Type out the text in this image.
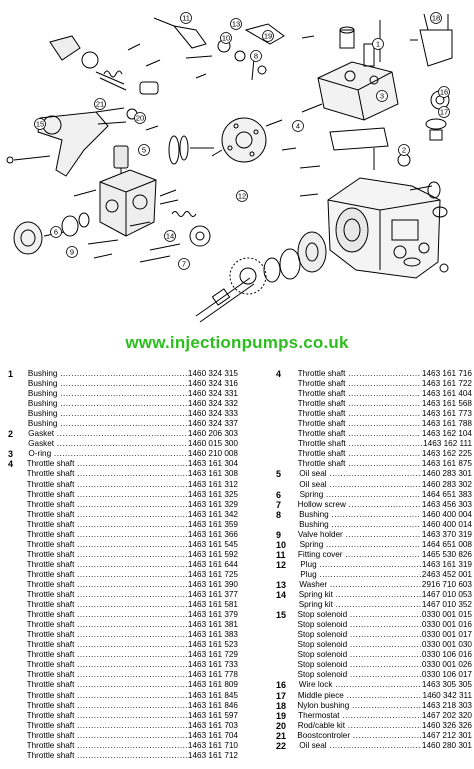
1
2
3
4
5
6
7
8
9
10
11
12
13
14
15
16
17
18
19
20
21
www.injectionpumps.co.uk
1	Bushing .....	1460 324 315
Bushing .....	1460 324 316
Bushing .....	1460 324 331
Bushing .....	1460 324 332
Bushing .....	1460 324 333
Bushing .....	1460 324 337
2	Gasket .....	1460 206 303
Gasket .....	1460 015 300
3	O-ring .....	1460 210 008
4	Throttle shaft .....	1463 161 304
Throttle shaft .....	1463 161 308
Throttle shaft .....	1463 161 312
Throttle shaft .....	1463 161 325
Throttle shaft .....	1463 161 329
Throttle shaft .....	1463 161 342
Throttle shaft .....	1463 161 359
Throttle shaft .....	1463 161 366
Throttle shaft .....	1463 161 545
Throttle shaft .....	1463 161 592
Throttle shaft .....	1463 161 644
Throttle shaft .....	1463 161 725
Throttle shaft .....	1463 161 390
Throttle shaft .....	1463 161 377
Throttle shaft .....	1463 161 581
Throttle shaft .....	1463 161 379
Throttle shaft .....	1463 161 381
Throttle shaft .....	1463 161 383
Throttle shaft .....	1463 161 523
Throttle shaft .....	1463 161 729
Throttle shaft .....	1463 161 733
Throttle shaft .....	1463 161 778
Throttle shaft .....	1463 161 809
Throttle shaft .....	1463 161 845
Throttle shaft .....	1463 161 846
Throttle shaft .....	1463 161 597
Throttle shaft .....	1463 161 703
Throttle shaft .....	1463 161 704
Throttle shaft .....	1463 161 710
Throttle shaft .....	1463 161 712
4	Throttle shaft .....	1463 161 716
Throttle shaft .....	1463 161 722
Throttle shaft .....	1463 161 404
Throttle shaft .....	1463 161 568
Throttle shaft .....	1463 161 773
Throttle shaft .....	1463 161 788
Throttle shaft .....	1463 162 104
Throttle shaft .....	1463 162 111
Throttle shaft .....	1463 162 225
Throttle shaft .....	1463 161 875
5	Oil seal .....	1460 283 301
Oil seal .....	1460 283 302
6	Spring .....	1464 651 383
7	Hollow screw .....	1463 456 303
8	Bushing .....	1460 400 004
Bushing .....	1460 400 014
9	Valve holder .....	1463 370 319
10	Spring .....	1464 651 008
11	Fitting cover .....	1465 530 826
12	Plug .....	1463 161 319
Plug .....	2463 452 001
13	Washer .....	2916 710 603
14	Spring kit .....	1467 010 053
Spring kit .....	1467 010 352
15	Stop solenoid .....	0330 001 015
Stop solenoid .....	0330 001 016
Stop solenoid .....	0330 001 017
Stop solenoid .....	0330 001 030
Stop solenoid .....	0330 106 016
Stop solenoid .....	0330 001 026
Stop solenoid .....	0330 106 017
16	Wire lock .....	1463 305 305
17	Middle piece .....	1460 342 311
18	Nylon bushing .....	1463 218 303
19	Thermostat .....	1467 202 320
20	Rod/cable kit .....	1460 326 326
21	Boostcontroler .....	1467 212 301
22	Oil seal .....	1460 280 301
